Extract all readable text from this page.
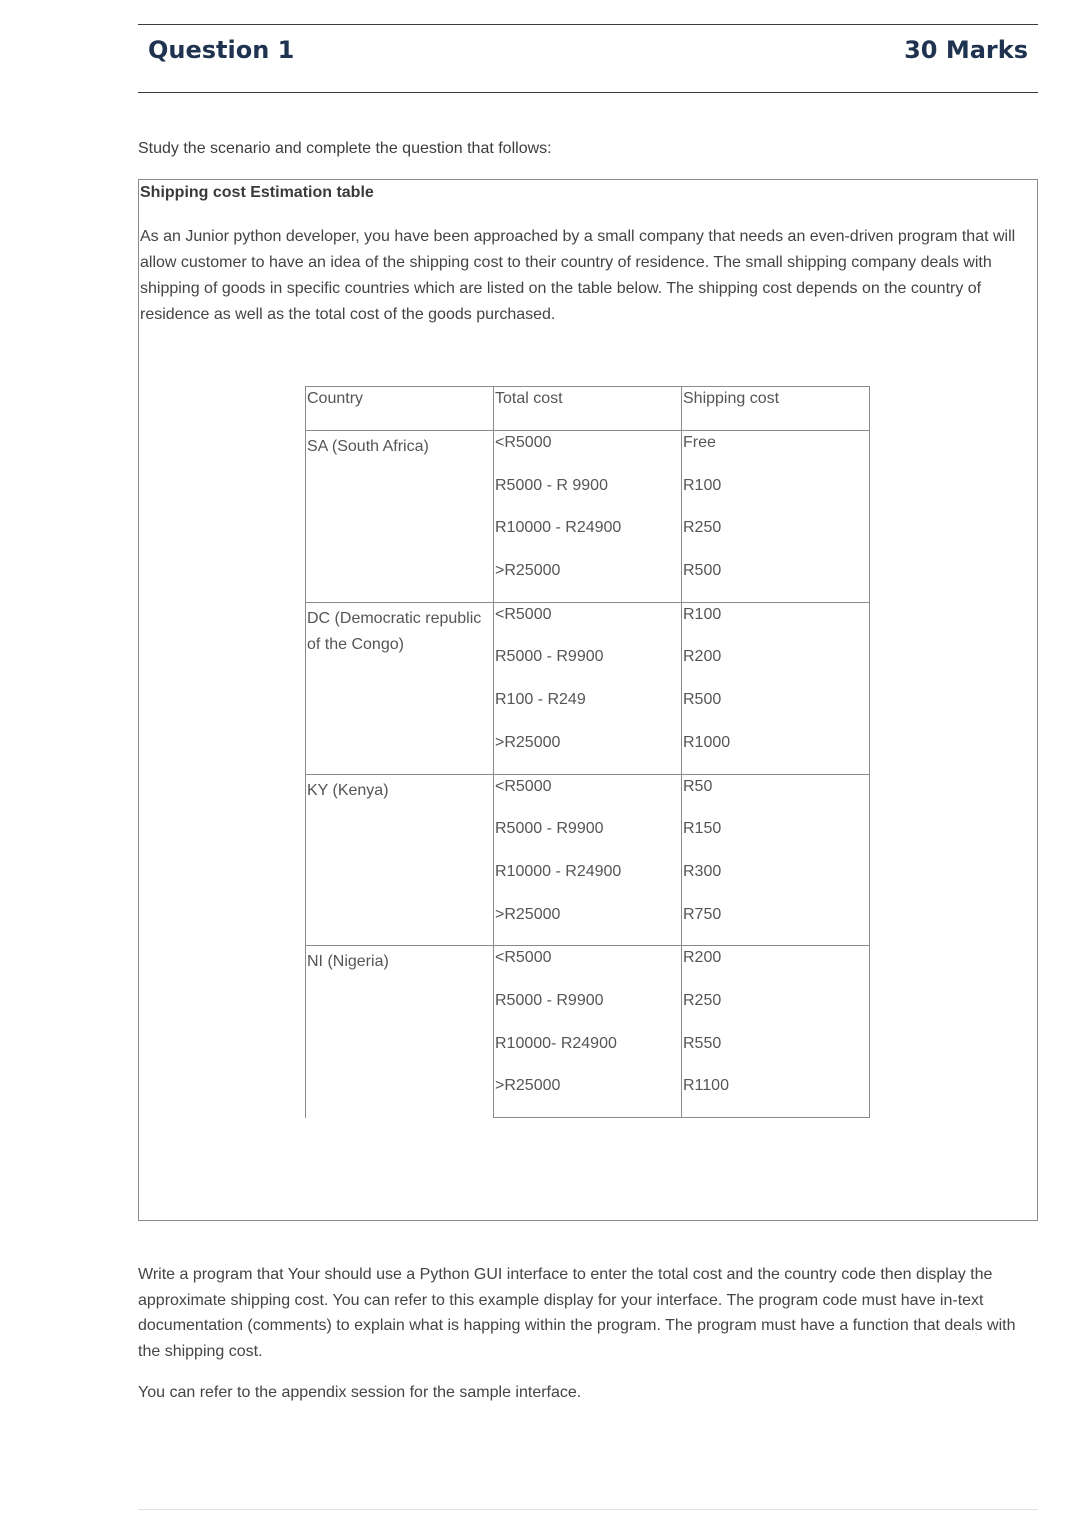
Question 1	30 Marks
Study the scenario and complete the question that follows:
Shipping cost Estimation table
As an Junior python developer, you have been approached by a small company that needs an even-driven program that will allow customer to have an idea of the shipping cost to their country of residence. The small shipping company deals with shipping of goods in specific countries which are listed on the table below. The shipping cost depends on the country of residence as well as the total cost of the goods purchased.
Country	Total cost	Shipping cost

SA (South Africa)	<R5000	Free

	R5000 - R 9900	R100

	R10000 - R24900	R250

	>R25000	R500

DC (Democratic republic of the Congo)	<R5000	R100

	R5000 - R9900	R200

	R100 - R249	R500

	>R25000	R1000

KY (Kenya)	<R5000	R50

	R5000 - R9900	R150

	R10000 - R24900	R300

	>R25000	R750

NI (Nigeria)	<R5000	R200

	R5000 - R9900	R250

	R10000- R24900	R550

	>R25000	R1100
Write a program that Your should use a Python GUI interface to enter the total cost and the country code then display the approximate shipping cost. You can refer to this example display for your interface. The program code must have in-text documentation (comments) to explain what is happing within the program. The program must have a function that deals with the shipping cost.
You can refer to the appendix session for the sample interface.
